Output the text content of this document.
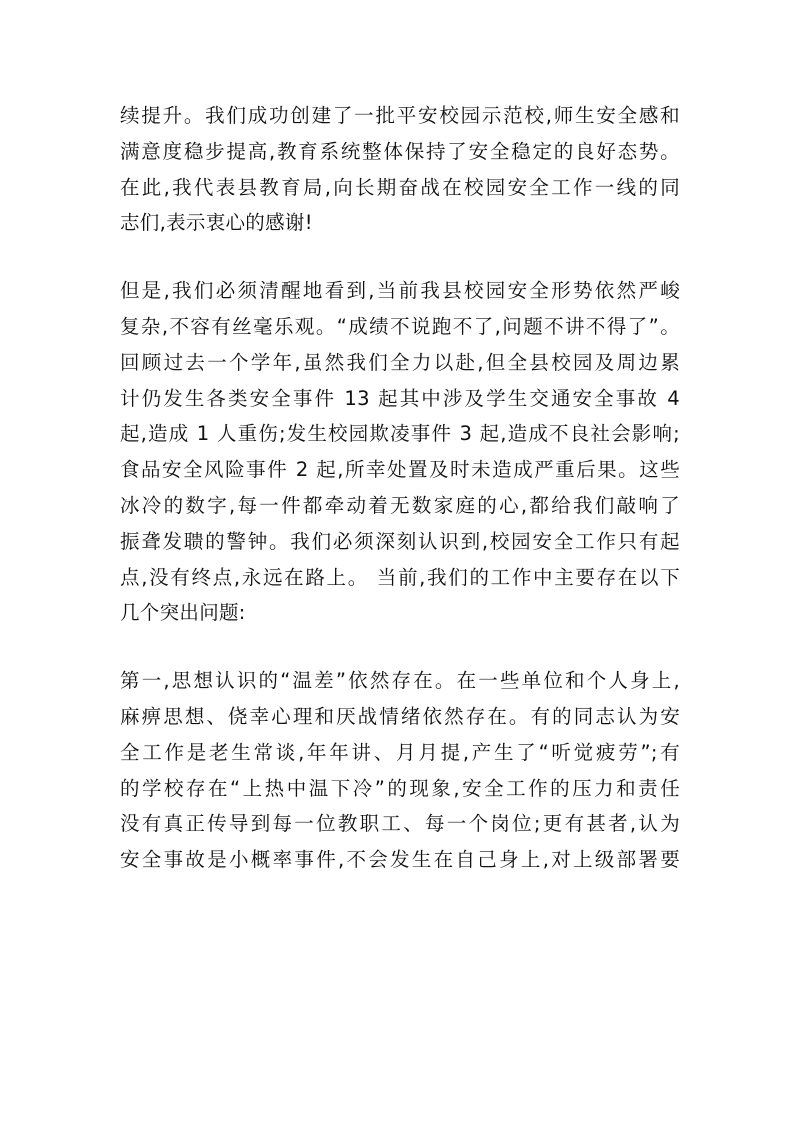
续提升。我们成功创建了一批平安校园示范校,师生安全感和
满意度稳步提高,教育系统整体保持了安全稳定的良好态势。
在此,我代表县教育局,向长期奋战在校园安全工作一线的同
志们,表示衷心的感谢!

但是,我们必须清醒地看到,当前我县校园安全形势依然严峻
复杂,不容有丝毫乐观。“成绩不说跑不了,问题不讲不得了”。
回顾过去一个学年,虽然我们全力以赴,但全县校园及周边累
计仍发生各类安全事件 13 起其中涉及学生交通安全事故 4
起,造成 1 人重伤;发生校园欺凌事件 3 起,造成不良社会影响;
食品安全风险事件 2 起,所幸处置及时未造成严重后果。这些
冰冷的数字,每一件都牵动着无数家庭的心,都给我们敲响了
振聋发聩的警钟。我们必须深刻认识到,校园安全工作只有起
点,没有终点,永远在路上。 当前,我们的工作中主要存在以下
几个突出问题:

第一,思想认识的“温差”依然存在。在一些单位和个人身上,
麻痹思想、侥幸心理和厌战情绪依然存在。有的同志认为安
全工作是老生常谈,年年讲、月月提,产生了“听觉疲劳”;有
的学校存在“上热中温下冷”的现象,安全工作的压力和责任
没有真正传导到每一位教职工、每一个岗位;更有甚者,认为
安全事故是小概率事件,不会发生在自己身上,对上级部署要
